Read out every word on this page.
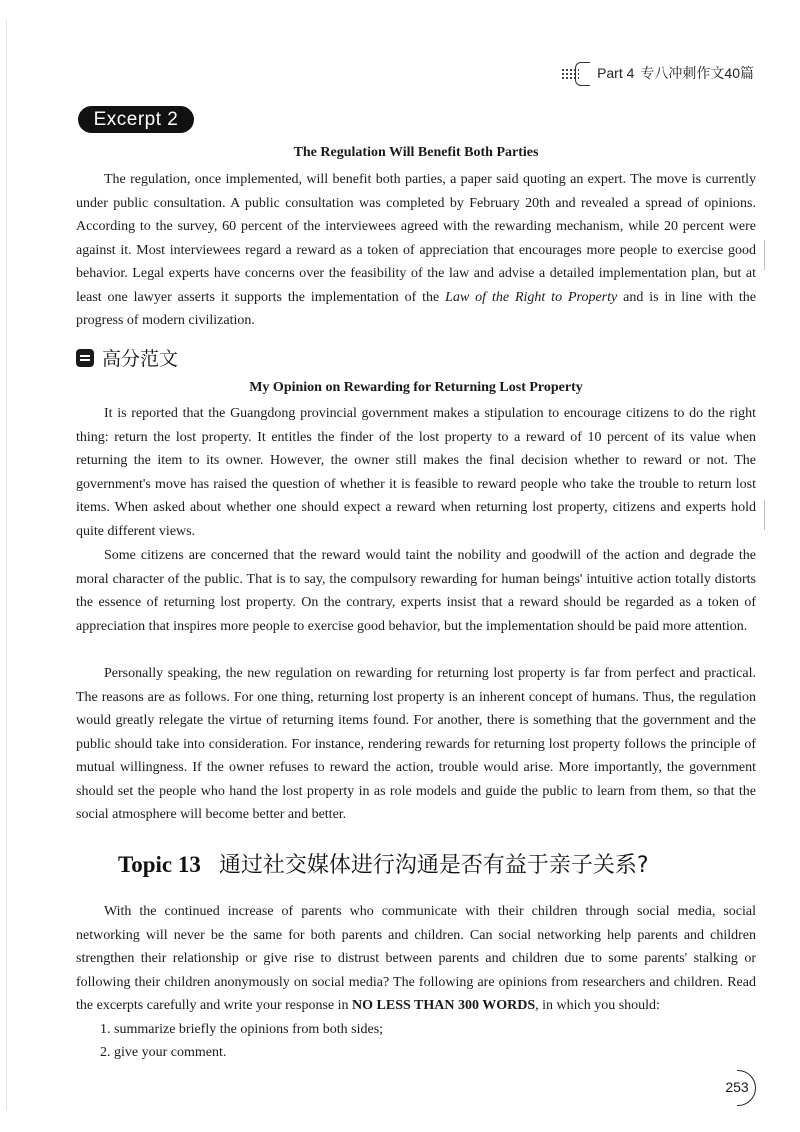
Part 4 专八冲刺作文40篇
Excerpt 2
The Regulation Will Benefit Both Parties

The regulation, once implemented, will benefit both parties, a paper said quoting an expert. The move is currently under public consultation. A public consultation was completed by February 20th and revealed a spread of opinions. According to the survey, 60 percent of the interviewees agreed with the rewarding mechanism, while 20 percent were against it. Most interviewees regard a reward as a token of appreciation that encourages more people to exercise good behavior. Legal experts have concerns over the feasibility of the law and advise a detailed implementation plan, but at least one lawyer asserts it supports the implementation of the Law of the Right to Property and is in line with the progress of modern civilization.

高分范文
My Opinion on Rewarding for Returning Lost Property

It is reported that the Guangdong provincial government makes a stipulation to encourage citizens to do the right thing: return the lost property. It entitles the finder of the lost property to a reward of 10 percent of its value when returning the item to its owner. However, the owner still makes the final decision whether to reward or not. The government's move has raised the question of whether it is feasible to reward people who take the trouble to return lost items. When asked about whether one should expect a reward when returning lost property, citizens and experts hold quite different views.

Some citizens are concerned that the reward would taint the nobility and goodwill of the action and degrade the moral character of the public. That is to say, the compulsory rewarding for human beings' intuitive action totally distorts the essence of returning lost property. On the contrary, experts insist that a reward should be regarded as a token of appreciation that inspires more people to exercise good behavior, but the implementation should be paid more attention.

Personally speaking, the new regulation on rewarding for returning lost property is far from perfect and practical. The reasons are as follows. For one thing, returning lost property is an inherent concept of humans. Thus, the regulation would greatly relegate the virtue of returning items found. For another, there is something that the government and the public should take into consideration. For instance, rendering rewards for returning lost property follows the principle of mutual willingness. If the owner refuses to reward the action, trouble would arise. More importantly, the government should set the people who hand the lost property in as role models and guide the public to learn from them, so that the social atmosphere will become better and better.

Topic 13 通过社交媒体进行沟通是否有益于亲子关系?

With the continued increase of parents who communicate with their children through social media, social networking will never be the same for both parents and children. Can social networking help parents and children strengthen their relationship or give rise to distrust between parents and children due to some parents' stalking or following their children anonymously on social media? The following are opinions from researchers and children. Read the excerpts carefully and write your response in NO LESS THAN 300 WORDS, in which you should:

1. summarize briefly the opinions from both sides;
2. give your comment.
253
